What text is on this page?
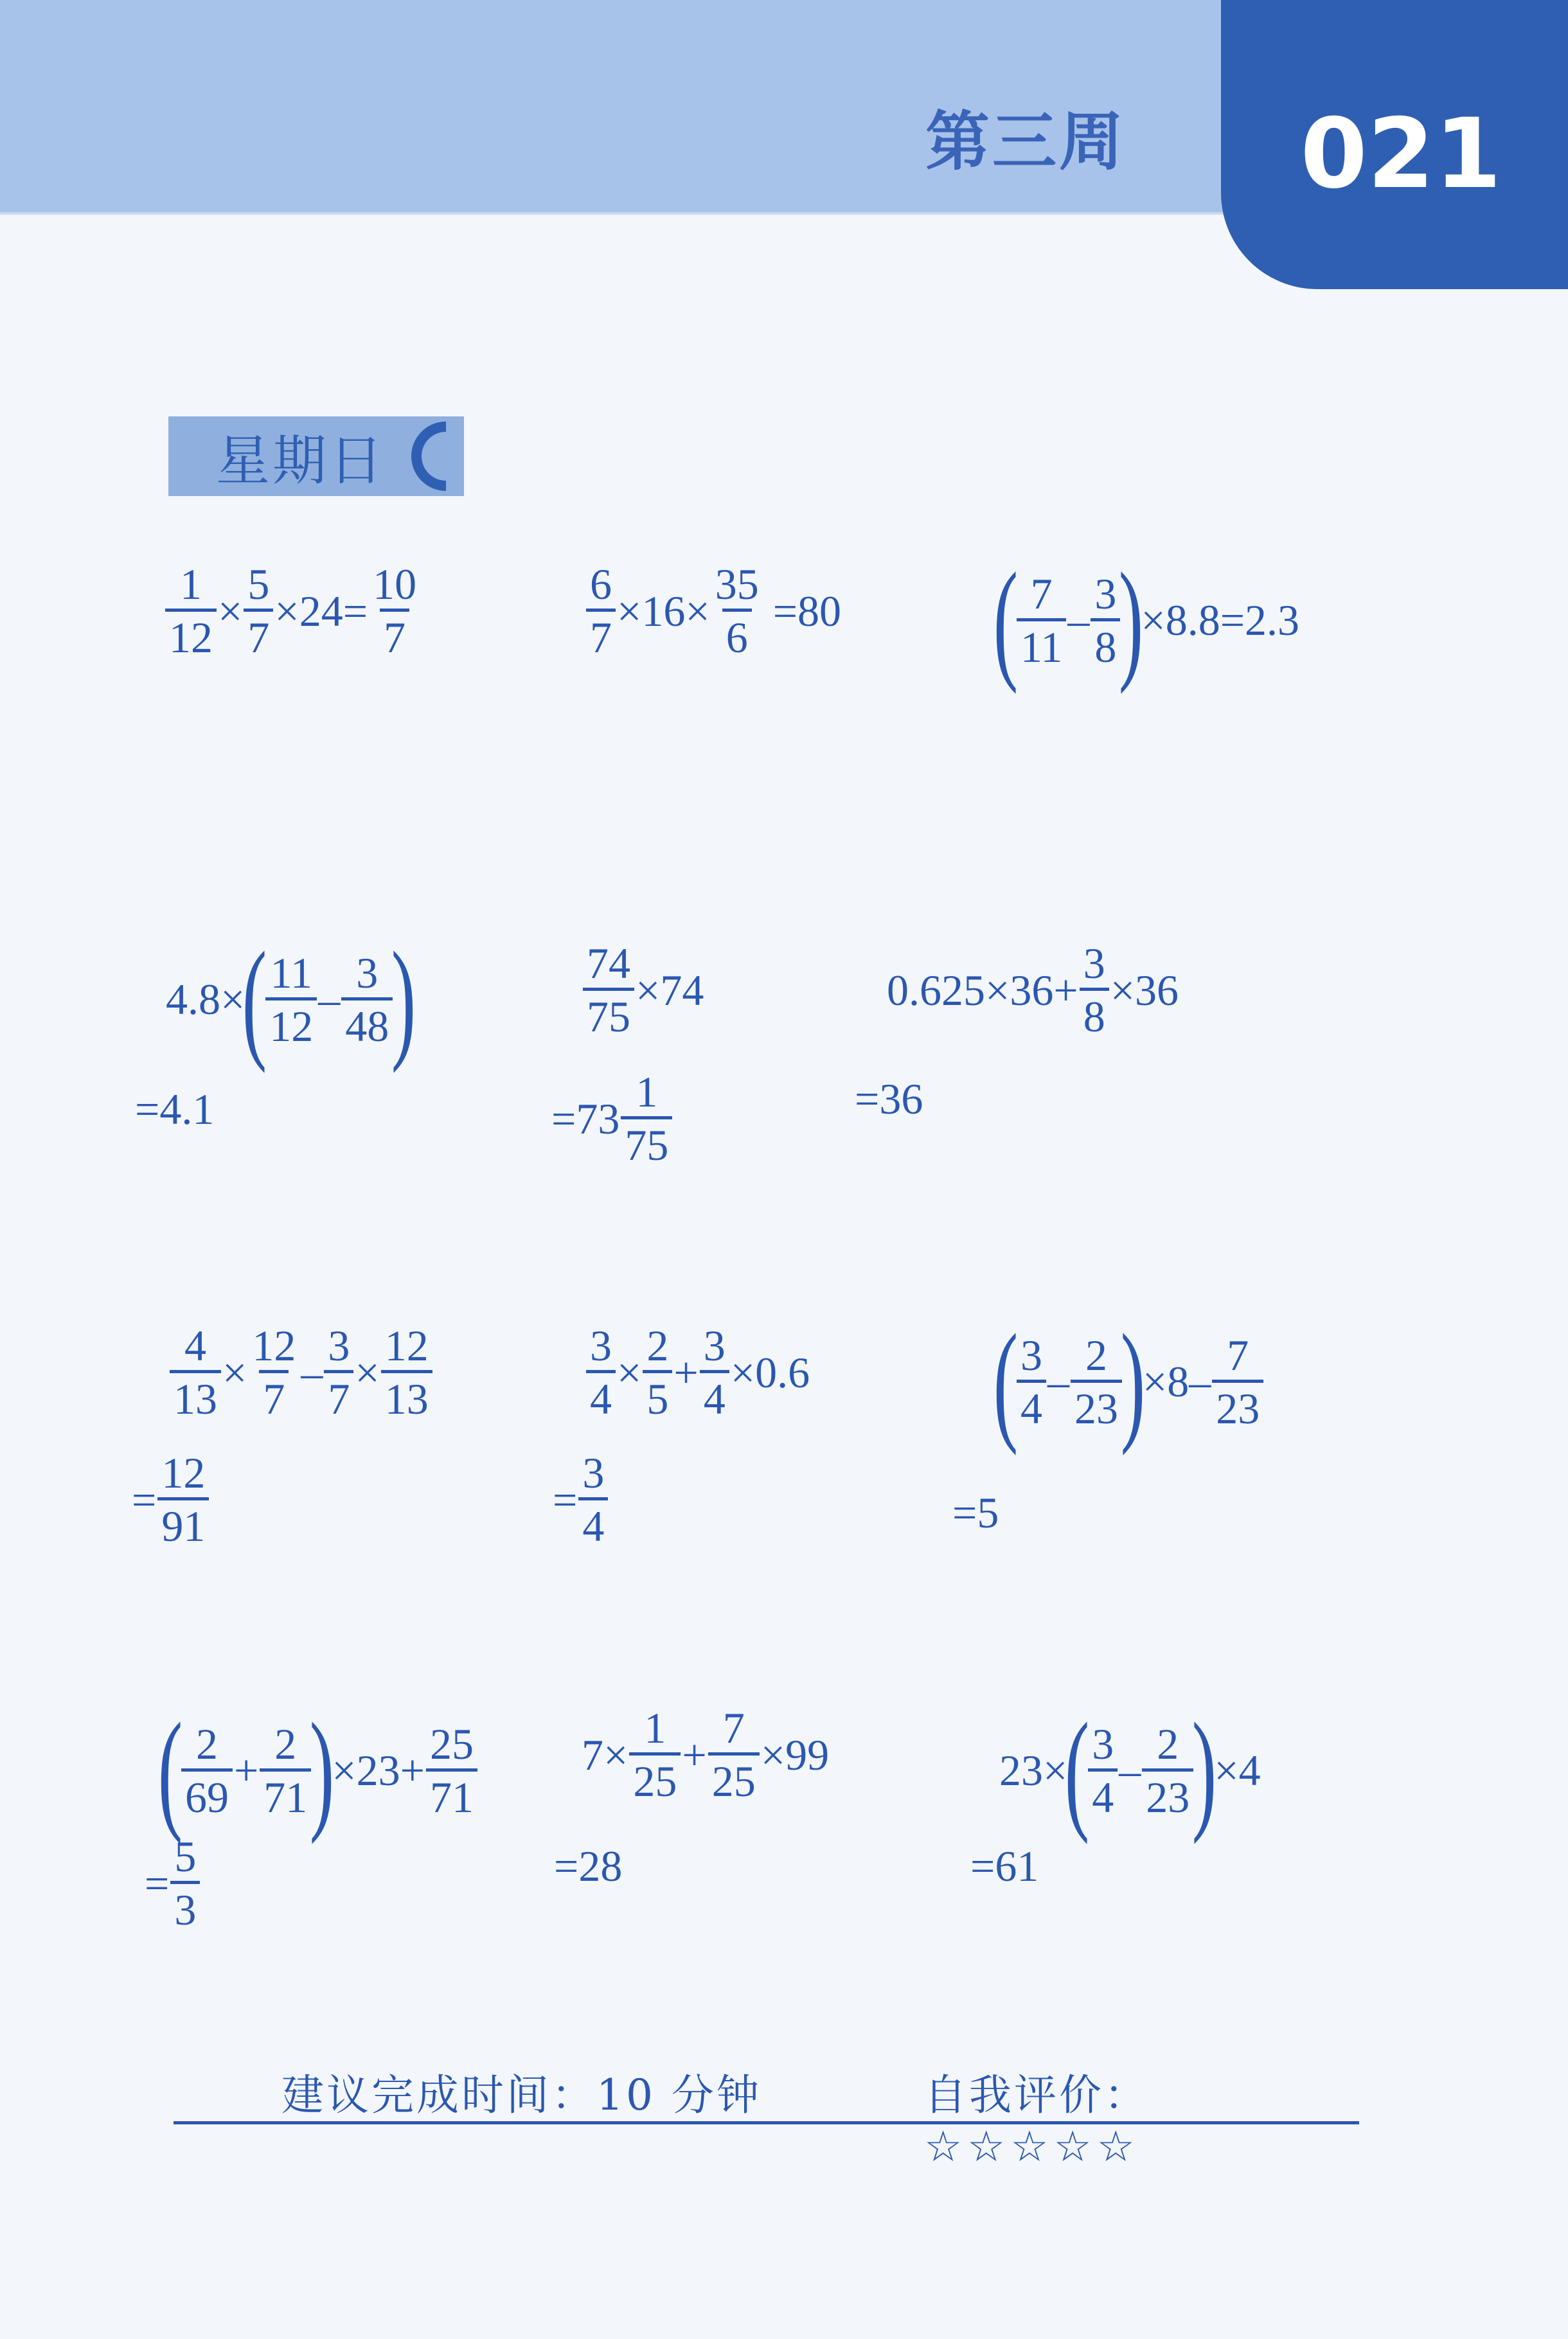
第三周 021
星期日
$\frac{1}{12} \times \frac{5}{7} \times 24= \frac{10}{7}$	$\frac{6}{7} \times 16\times \frac{35}{6} =80$ (
$\frac{7}{11} - \frac{3}{8}$
)
×8.8=2.3
4.8×
(
$\frac{11}{12} - \frac{3}{48}$
)
=4.1
$\frac{74}{75} \times 74$
$=73 \frac{1}{75}$
$0.625\times 36+ \frac{3}{8} \times 36$
=36
$\frac{4}{13} \times \frac{12}{7} - \frac{3}{7} \times \frac{12}{13}$
= $\frac{12}{91}$
$\frac{3}{4} \times \frac{2}{5} + \frac{3}{4} \times 0.6$
= $\frac{3}{4}$
(
$\frac{3}{4} - \frac{2}{23}$
)
$\times 8- \frac{7}{23}$
=5
(
$\frac{2}{69} + \frac{2}{71}$
)
$\times 23+ \frac{25}{71}$
= $\frac{5}{3}$
$7\times \frac{1}{25} + \frac{7}{25} \times 99$
=28
23×
(
$\frac{3}{4} - \frac{2}{23}$
)
×4
=61
建议完成时间：10 分钟	自我评价：☆☆☆☆☆
